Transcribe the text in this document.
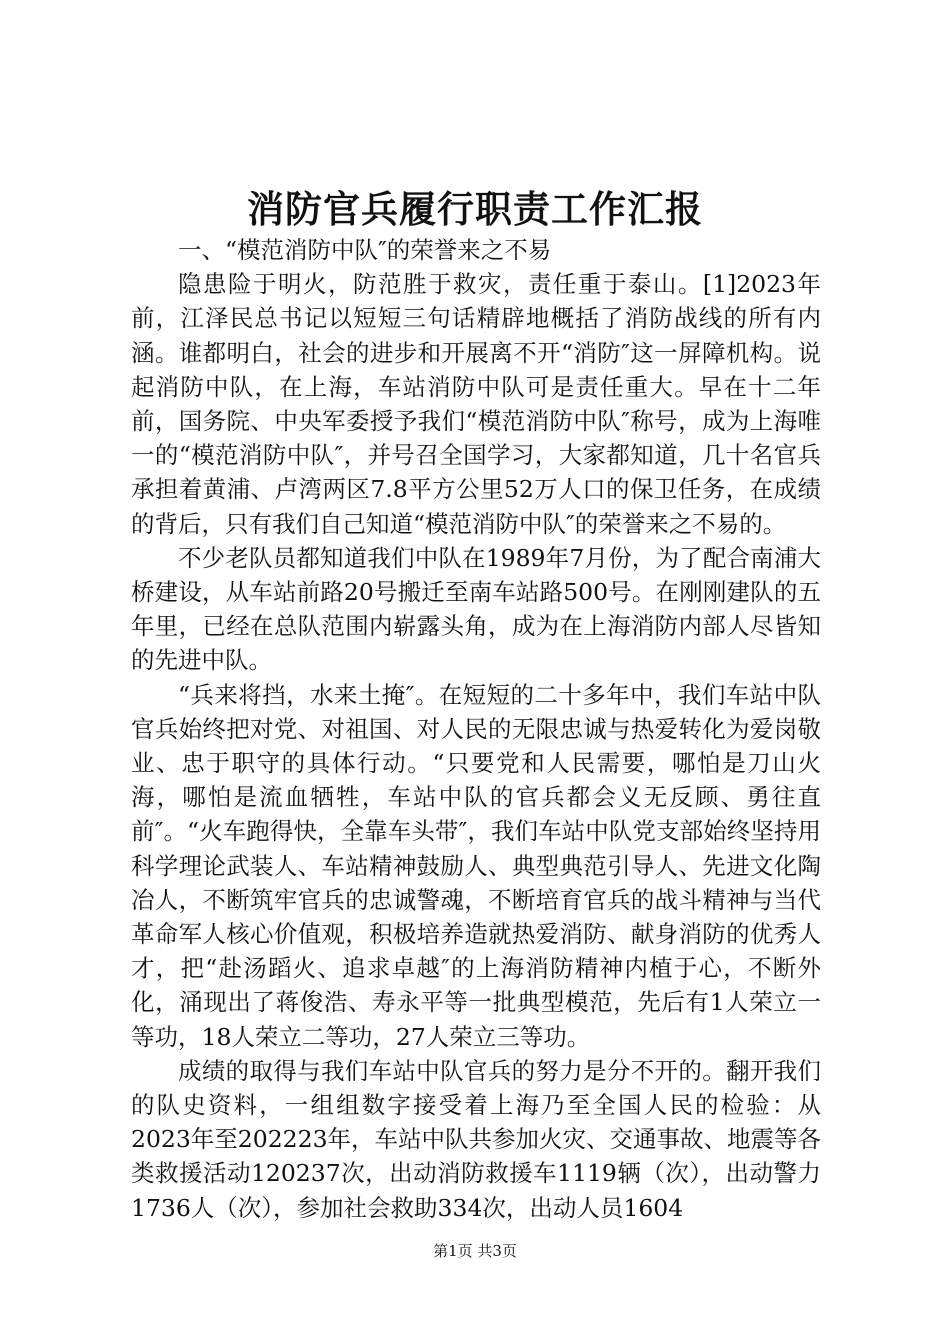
消防官兵履行职责工作汇报

一、“模范消防中队″的荣誉来之不易

隐患险于明火，防范胜于救灾，责任重于泰山。[1]2023年前，江泽民总书记以短短三句话精辟地概括了消防战线的所有内涵。谁都明白，社会的进步和开展离不开“消防″这一屏障机构。说起消防中队，在上海，车站消防中队可是责任重大。早在十二年前，国务院、中央军委授予我们“模范消防中队″称号，成为上海唯一的“模范消防中队″，并号召全国学习，大家都知道，几十名官兵承担着黄浦、卢湾两区7.8平方公里52万人口的保卫任务，在成绩的背后，只有我们自己知道“模范消防中队″的荣誉来之不易的。

不少老队员都知道我们中队在1989年7月份，为了配合南浦大桥建设，从车站前路20号搬迁至南车站路500号。在刚刚建队的五年里，已经在总队范围内崭露头角，成为在上海消防内部人尽皆知的先进中队。

“兵来将挡，水来土掩″。在短短的二十多年中，我们车站中队官兵始终把对党、对祖国、对人民的无限忠诚与热爱转化为爱岗敬业、忠于职守的具体行动。“只要党和人民需要，哪怕是刀山火海，哪怕是流血牺牲，车站中队的官兵都会义无反顾、勇往直前″。“火车跑得快，全靠车头带″，我们车站中队党支部始终坚持用科学理论武装人、车站精神鼓励人、典型典范引导人、先进文化陶冶人，不断筑牢官兵的忠诚警魂，不断培育官兵的战斗精神与当代革命军人核心价值观，积极培养造就热爱消防、献身消防的优秀人才，把“赴汤蹈火、追求卓越″的上海消防精神内植于心，不断外化，涌现出了蒋俊浩、寿永平等一批典型模范，先后有1人荣立一等功，18人荣立二等功，27人荣立三等功。

成绩的取得与我们车站中队官兵的努力是分不开的。翻开我们的队史资料，一组组数字接受着上海乃至全国人民的检验：从2023年至202223年，车站中队共参加火灾、交通事故、地震等各类救援活动120237次，出动消防救援车1119辆（次），出动警力1736人（次），参加社会救助334次，出动人员1604

第1页 共3页
